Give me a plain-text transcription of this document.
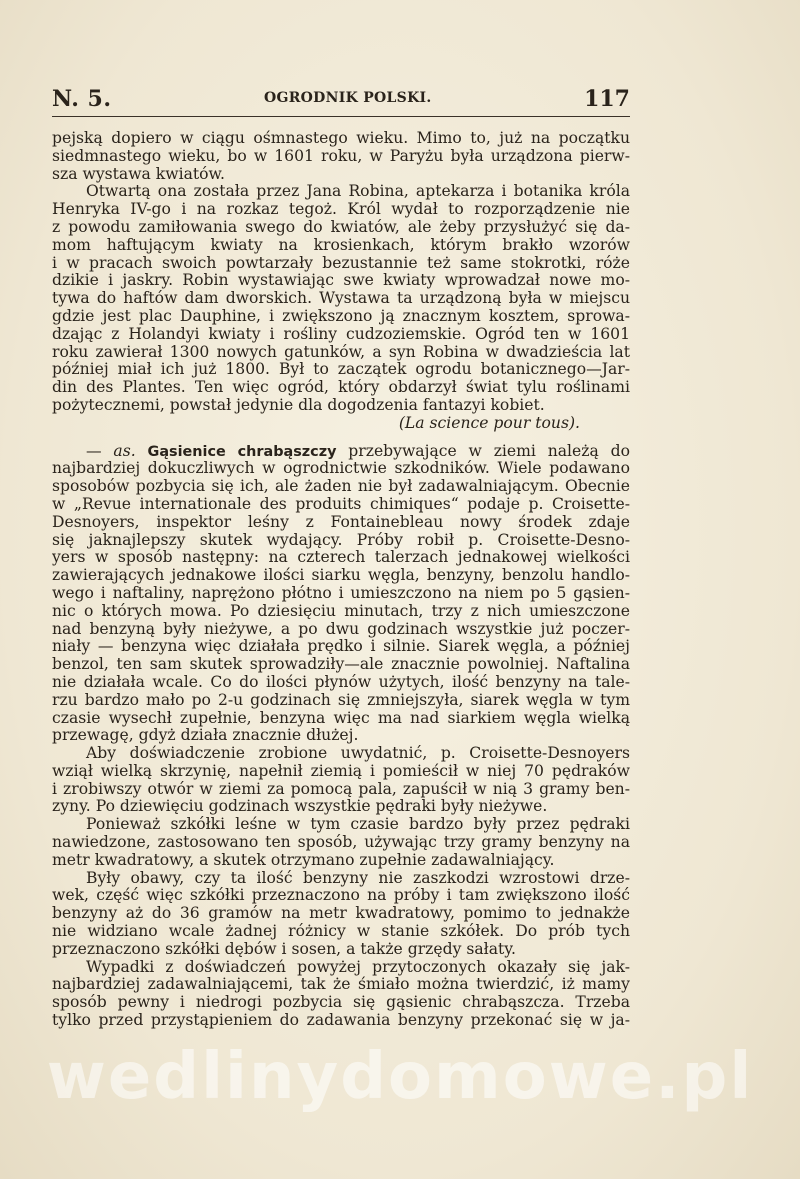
N. 5.	OGRODNIK POLSKI.	117
pejską dopiero w ciągu ośmnastego wieku. Mimo to, już na początku
siedmnastego wieku, bo w 1601 roku, w Paryżu była urządzona pierw-
sza wystawa kwiatów.
Otwartą ona została przez Jana Robina, aptekarza i botanika króla
Henryka IV-go i na rozkaz tegoż. Król wydał to rozporządzenie nie
z powodu zamiłowania swego do kwiatów, ale żeby przysłużyć się da-
mom haftującym kwiaty na krosienkach, którym brakło wzorów
i w pracach swoich powtarzały bezustannie też same stokrotki, róże
dzikie i jaskry. Robin wystawiając swe kwiaty wprowadzał nowe mo-
tywa do haftów dam dworskich. Wystawa ta urządzoną była w miejscu
gdzie jest plac Dauphine, i zwiększono ją znacznym kosztem, sprowa-
dzając z Holandyi kwiaty i rośliny cudzoziemskie. Ogród ten w 1601
roku zawierał 1300 nowych gatunków, a syn Robina w dwadzieścia lat
później miał ich już 1800. Był to zaczątek ogrodu botanicznego—Jar-
din des Plantes. Ten więc ogród, który obdarzył świat tylu roślinami
pożytecznemi, powstał jedynie dla dogodzenia fantazyi kobiet.
(La science pour tous).
— as. Gąsienice chrabąszczy przebywające w ziemi należą do
najbardziej dokuczliwych w ogrodnictwie szkodników. Wiele podawano
sposobów pozbycia się ich, ale żaden nie był zadawalniającym. Obecnie
w „Revue internationale des produits chimiques“ podaje p. Croisette-
Desnoyers, inspektor leśny z Fontainebleau nowy środek zdaje
się jaknajlepszy skutek wydający. Próby robił p. Croisette-Desno-
yers w sposób następny: na czterech talerzach jednakowej wielkości
zawierających jednakowe ilości siarku węgla, benzyny, benzolu handlo-
wego i naftaliny, naprężono płótno i umieszczono na niem po 5 gąsien-
nic o których mowa. Po dziesięciu minutach, trzy z nich umieszczone
nad benzyną były nieżywe, a po dwu godzinach wszystkie już poczer-
niały — benzyna więc działała prędko i silnie. Siarek węgla, a później
benzol, ten sam skutek sprowadziły—ale znacznie powolniej. Naftalina
nie działała wcale. Co do ilości płynów użytych, ilość benzyny na tale-
rzu bardzo mało po 2-u godzinach się zmniejszyła, siarek węgla w tym
czasie wysechł zupełnie, benzyna więc ma nad siarkiem węgla wielką
przewagę, gdyż działa znacznie dłużej.
Aby doświadczenie zrobione uwydatnić, p. Croisette-Desnoyers
wziął wielką skrzynię, napełnił ziemią i pomieścił w niej 70 pędraków
i zrobiwszy otwór w ziemi za pomocą pala, zapuścił w nią 3 gramy ben-
zyny. Po dziewięciu godzinach wszystkie pędraki były nieżywe.
Ponieważ szkółki leśne w tym czasie bardzo były przez pędraki
nawiedzone, zastosowano ten sposób, używając trzy gramy benzyny na
metr kwadratowy, a skutek otrzymano zupełnie zadawalniający.
Były obawy, czy ta ilość benzyny nie zaszkodzi wzrostowi drze-
wek, część więc szkółki przeznaczono na próby i tam zwiększono ilość
benzyny aż do 36 gramów na metr kwadratowy, pomimo to jednakże
nie widziano wcale żadnej różnicy w stanie szkółek. Do prób tych
przeznaczono szkółki dębów i sosen, a także grzędy sałaty.
Wypadki z doświadczeń powyżej przytoczonych okazały się jak-
najbardziej zadawalniającemi, tak że śmiało można twierdzić, iż mamy
sposób pewny i niedrogi pozbycia się gąsienic chrabąszcza. Trzeba
tylko przed przystąpieniem do zadawania benzyny przekonać się w ja-
wedlinydomowe.pl
